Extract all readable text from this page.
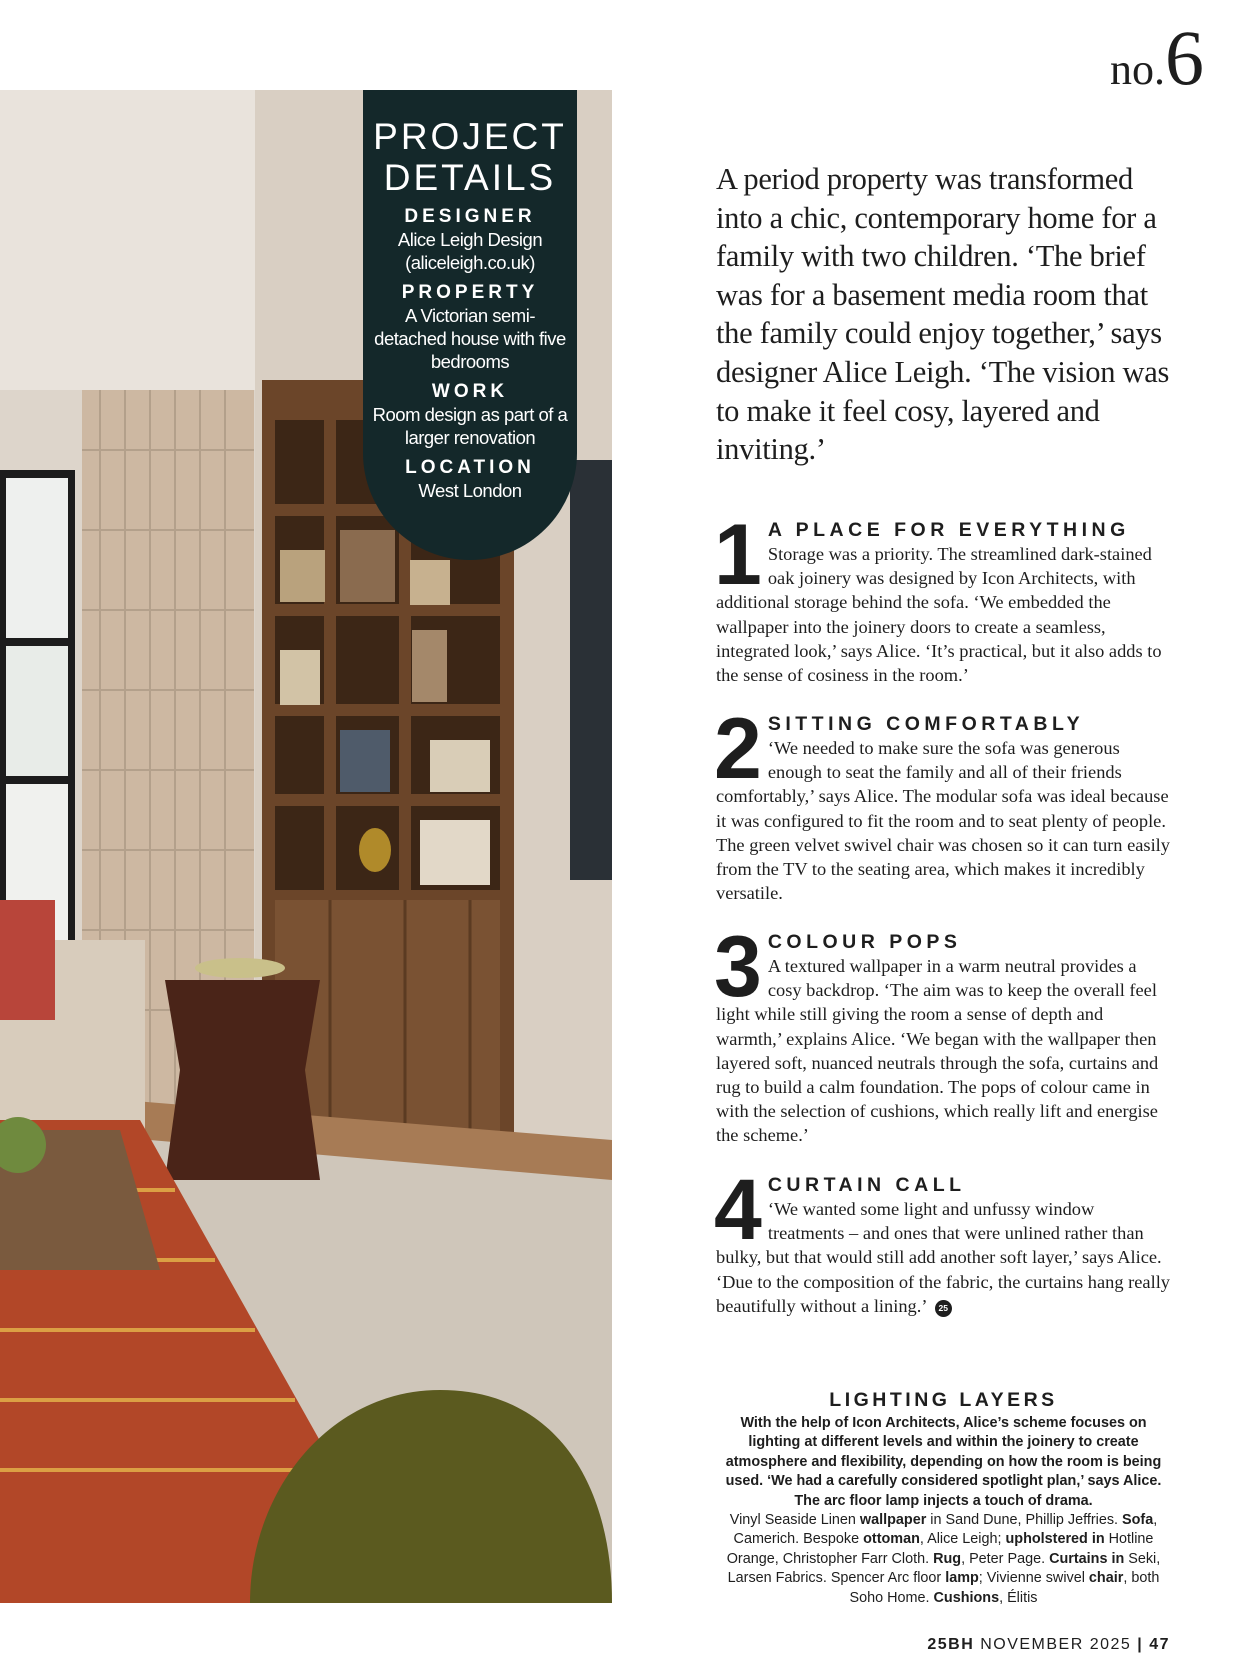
PROJECT
DETAILS
DESIGNER
Alice Leigh Design (aliceleigh.co.uk)
PROPERTY
A Victorian semi-detached house with five bedrooms
WORK
Room design as part of a larger renovation
LOCATION
West London
no.6
A period property was transformed into a chic, contemporary home for a family with two children. ‘The brief was for a basement media room that the family could enjoy together,’ says designer Alice Leigh. ‘The vision was to make it feel cosy, layered and inviting.’
1 A PLACE FOR EVERYTHING
Storage was a priority. The streamlined dark-stained oak joinery was designed by Icon Architects, with additional storage behind the sofa. ‘We embedded the wallpaper into the joinery doors to create a seamless, integrated look,’ says Alice. ‘It’s practical, but it also adds to the sense of cosiness in the room.’
2 SITTING COMFORTABLY
‘We needed to make sure the sofa was generous enough to seat the family and all of their friends comfortably,’ says Alice. The modular sofa was ideal because it was configured to fit the room and to seat plenty of people. The green velvet swivel chair was chosen so it can turn easily from the TV to the seating area, which makes it incredibly versatile.
3 COLOUR POPS
A textured wallpaper in a warm neutral provides a cosy backdrop. ‘The aim was to keep the overall feel light while still giving the room a sense of depth and warmth,’ explains Alice. ‘We began with the wallpaper then layered soft, nuanced neutrals through the sofa, curtains and rug to build a calm foundation. The pops of colour came in with the selection of cushions, which really lift and energise the scheme.’
4 CURTAIN CALL
‘We wanted some light and unfussy window treatments – and ones that were unlined rather than bulky, but that would still add another soft layer,’ says Alice. ‘Due to the composition of the fabric, the curtains hang really beautifully without a lining.’ 25
LIGHTING LAYERS
With the help of Icon Architects, Alice’s scheme focuses on lighting at different levels and within the joinery to create atmosphere and flexibility, depending on how the room is being used. ‘We had a carefully considered spotlight plan,’ says Alice. The arc floor lamp injects a touch of drama.
Vinyl Seaside Linen wallpaper in Sand Dune, Phillip Jeffries. Sofa, Camerich. Bespoke ottoman, Alice Leigh; upholstered in Hotline Orange, Christopher Farr Cloth. Rug, Peter Page. Curtains in Seki, Larsen Fabrics. Spencer Arc floor lamp; Vivienne swivel chair, both Soho Home. Cushions, Élitis
25BH NOVEMBER 2025 | 47
